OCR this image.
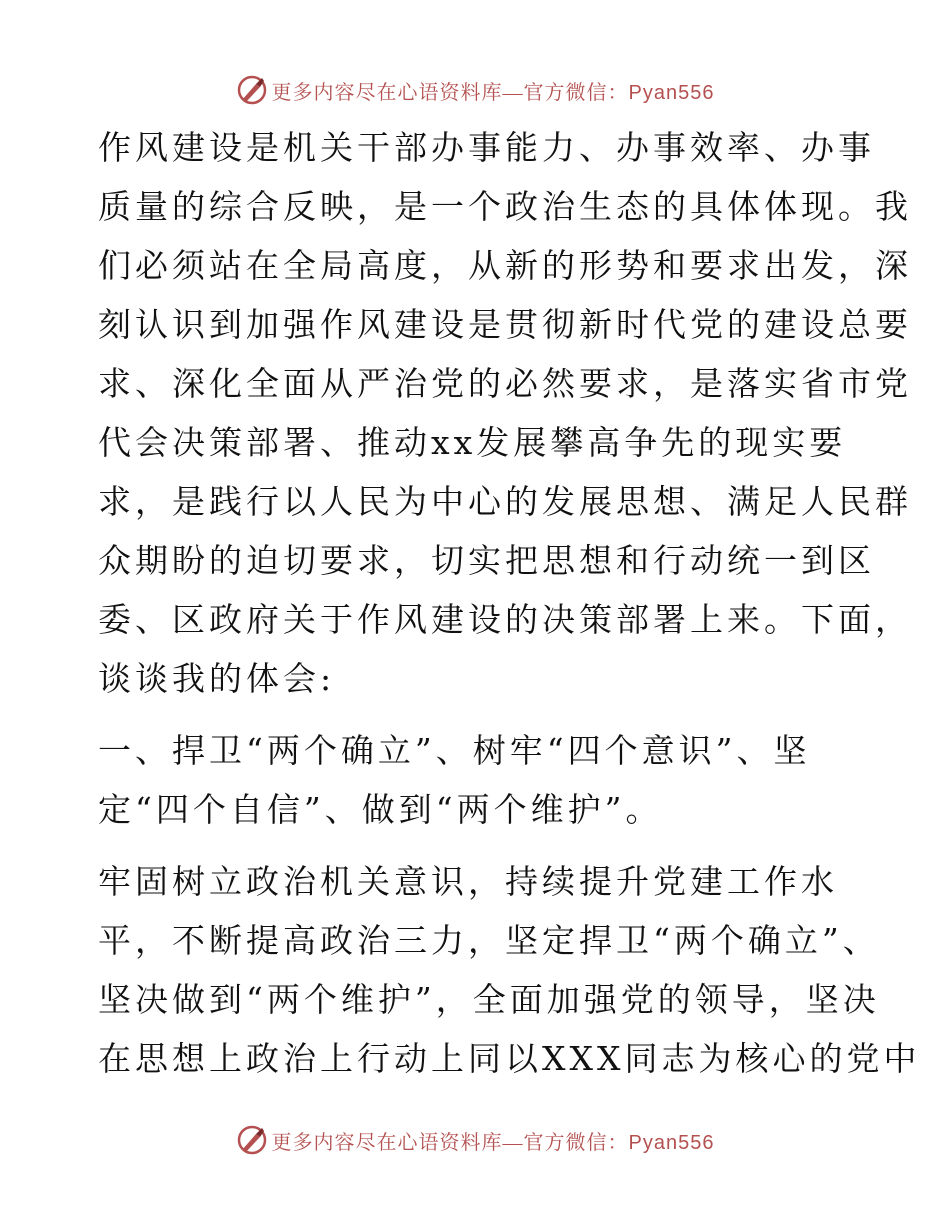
更多内容尽在心语资料库—官方微信：Pyan556

作风建设是机关干部办事能力、办事效率、办事
质量的综合反映，是一个政治生态的具体体现。我
们必须站在全局高度，从新的形势和要求出发，深
刻认识到加强作风建设是贯彻新时代党的建设总要
求、深化全面从严治党的必然要求，是落实省市党
代会决策部署、推动xx发展攀高争先的现实要
求，是践行以人民为中心的发展思想、满足人民群
众期盼的迫切要求，切实把思想和行动统一到区
委、区政府关于作风建设的决策部署上来。下面，
谈谈我的体会:

一、捍卫“两个确立”、树牢“四个意识”、坚
定“四个自信”、做到“两个维护”。

牢固树立政治机关意识，持续提升党建工作水
平，不断提高政治三力，坚定捍卫“两个确立”、
坚决做到“两个维护”，全面加强党的领导，坚决
在思想上政治上行动上同以XXX同志为核心的党中

更多内容尽在心语资料库—官方微信：Pyan556
